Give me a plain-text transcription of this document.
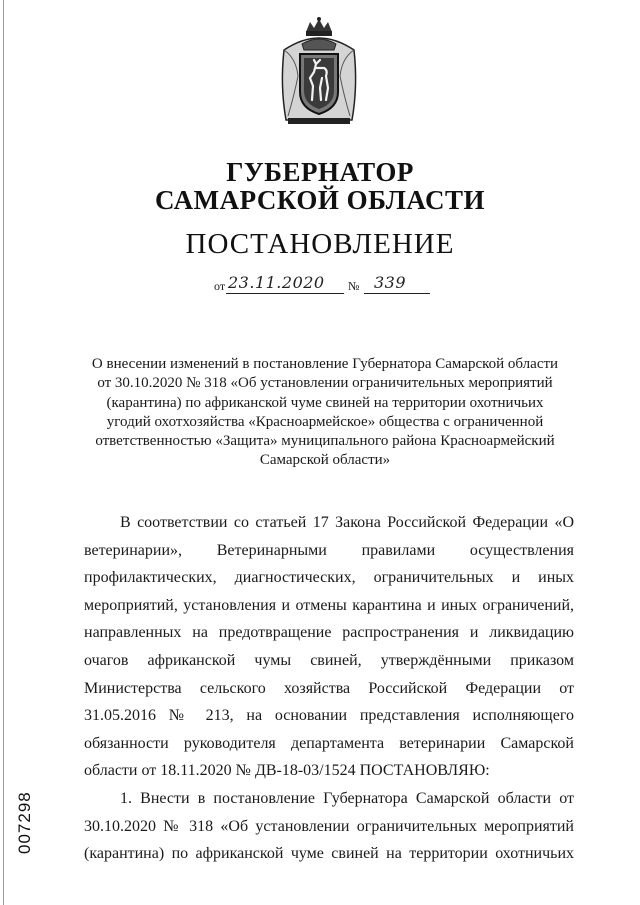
ГУБЕРНАТОР
САМАРСКОЙ ОБЛАСТИ
ПОСТАНОВЛЕНИЕ
от 23.11.2020 № 339
О внесении изменений в постановление Губернатора Самарской области от 30.10.2020 № 318 «Об установлении ограничительных мероприятий (карантина) по африканской чуме свиней на территории охотничьих угодий охотхозяйства «Красноармейское» общества с ограниченной ответственностью «Защита» муниципального района Красноармейский Самарской области»

В соответствии со статьей 17 Закона Российской Федерации «О ветеринарии», Ветеринарными правилами осуществления профилактических, диагностических, ограничительных и иных мероприятий, установления и отмены карантина и иных ограничений, направленных на предотвращение распространения и ликвидацию очагов африканской чумы свиней, утверждёнными приказом Министерства сельского хозяйства Российской Федерации от 31.05.2016 № 213, на основании представления исполняющего обязанности руководителя департамента ветеринарии Самарской области от 18.11.2020 № ДВ-18-03/1524 ПОСТАНОВЛЯЮ:

1. Внести в постановление Губернатора Самарской области от 30.10.2020 № 318 «Об установлении ограничительных мероприятий (карантина) по африканской чуме свиней на территории охотничьих

007298
